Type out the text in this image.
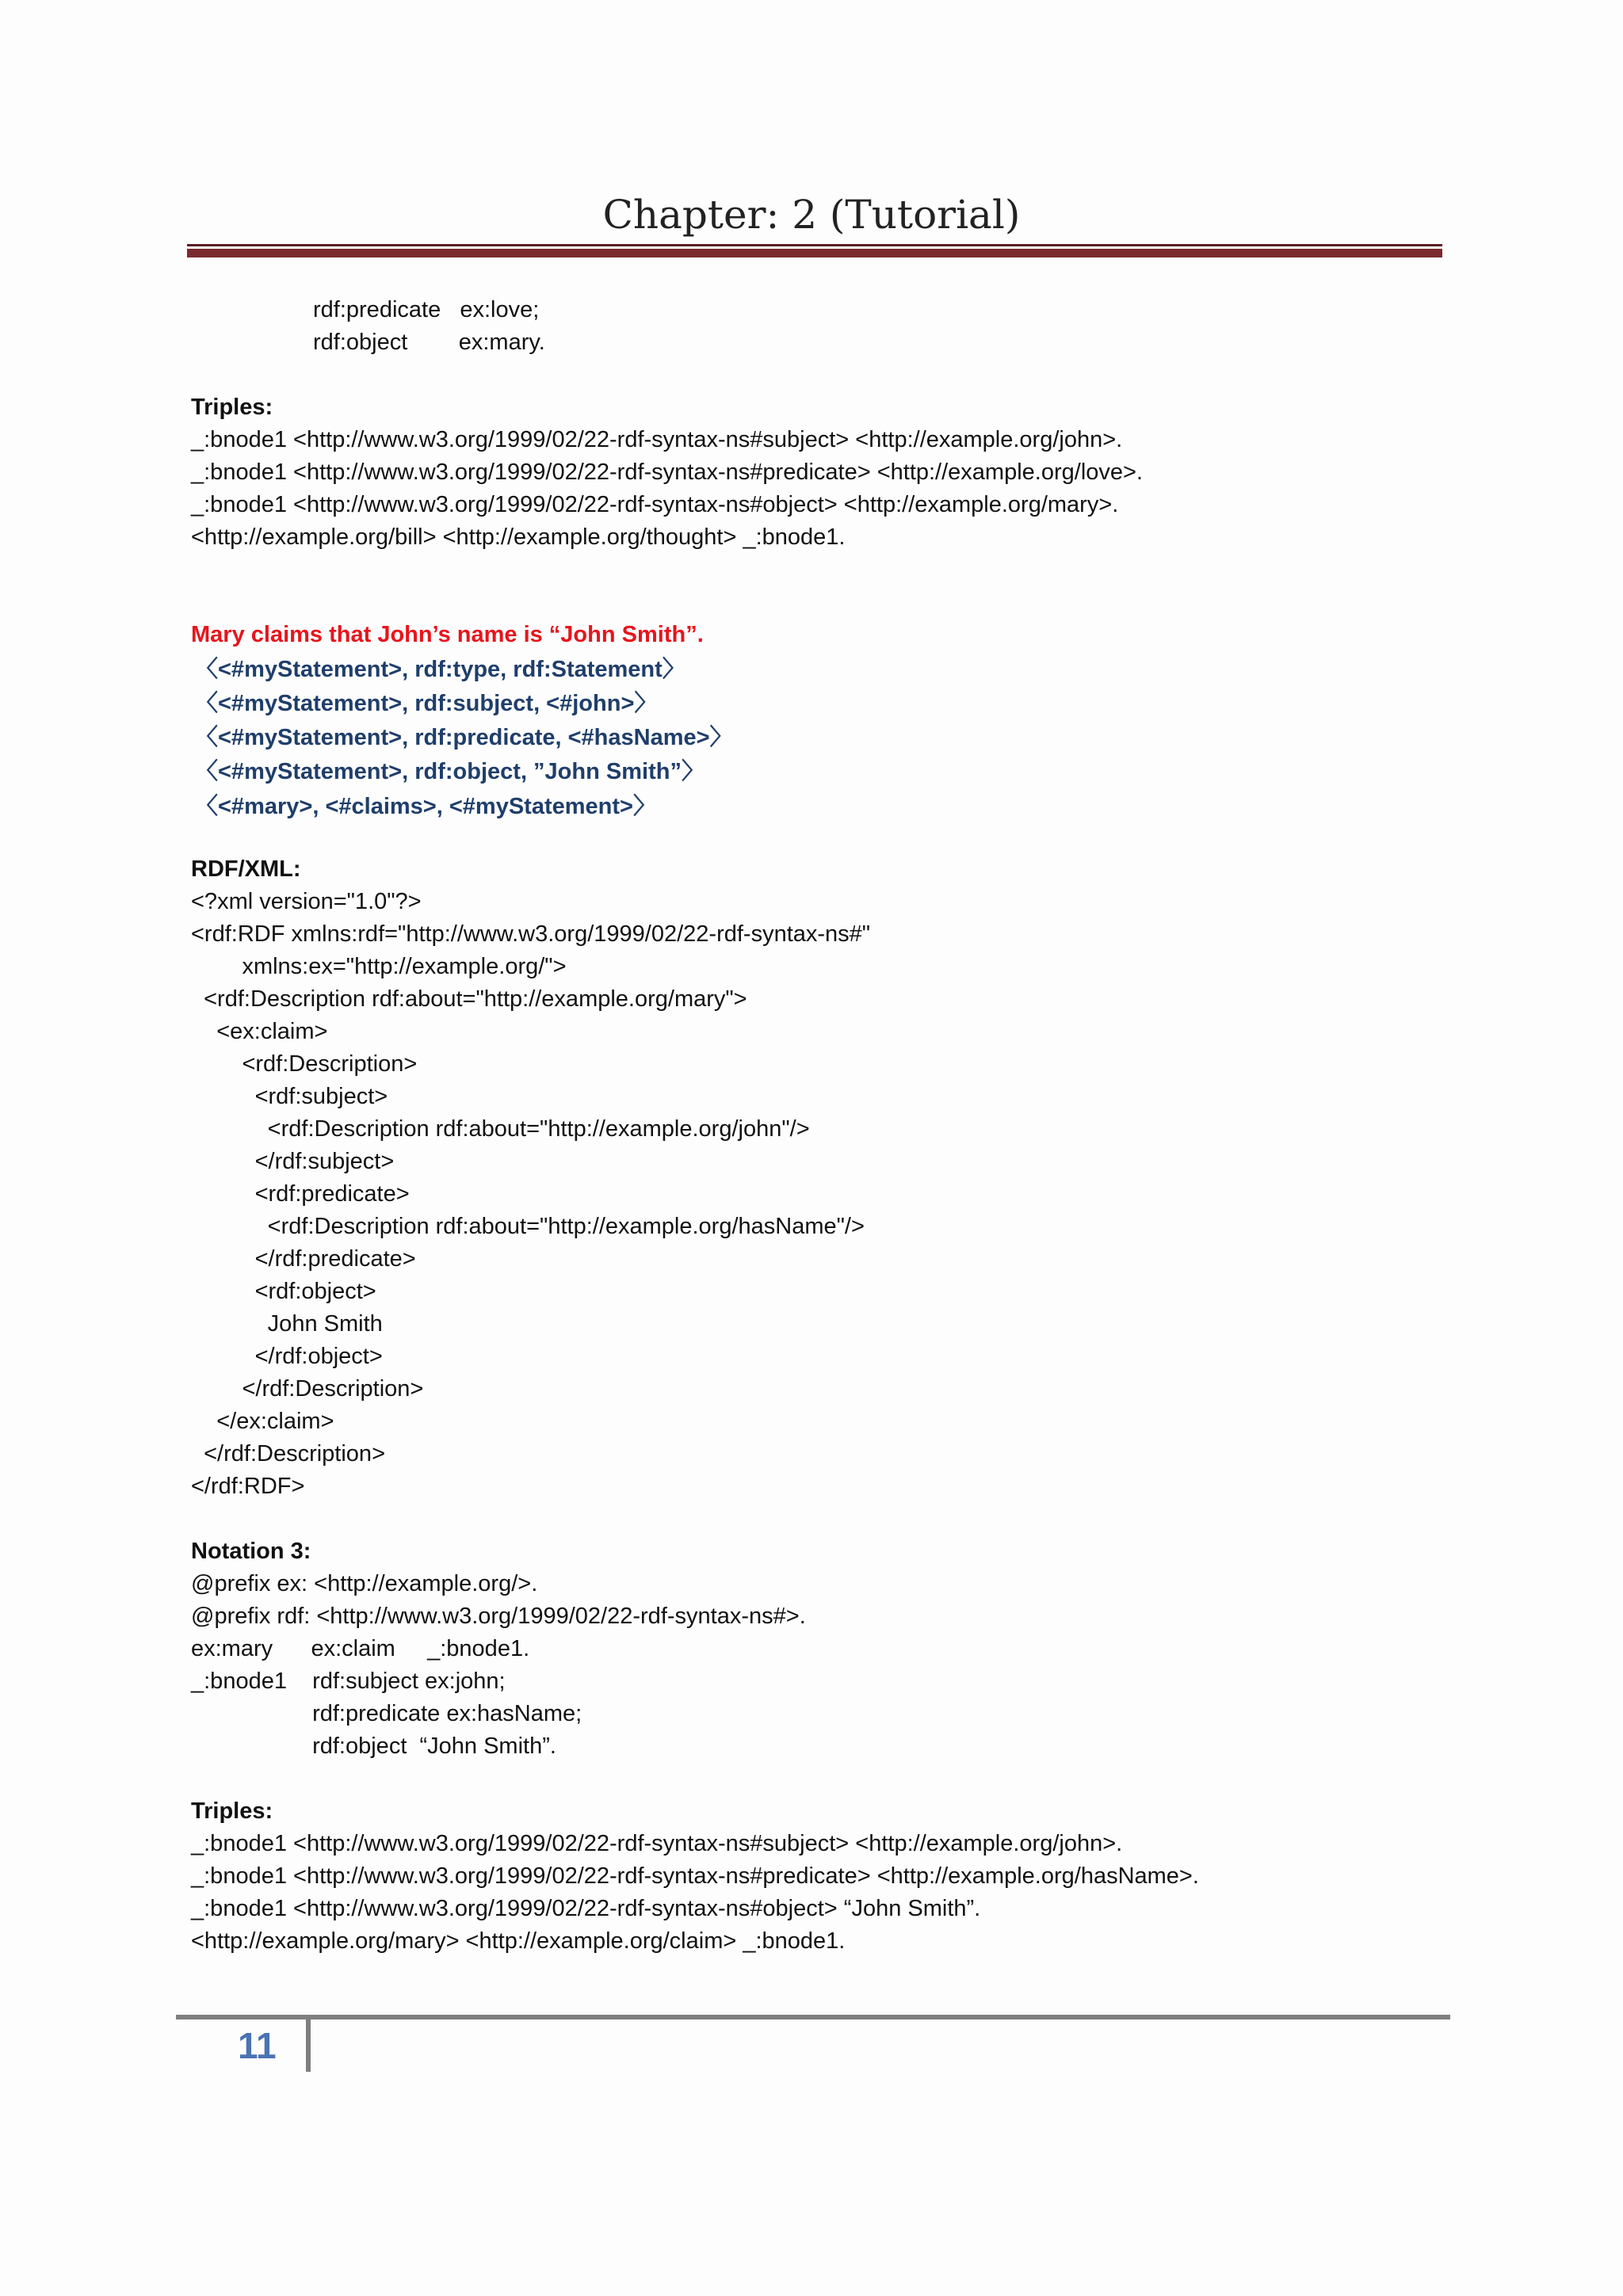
Chapter: 2 (Tutorial)
rdf:predicate   ex:love;
rdf:object        ex:mary.
Triples:
_:bnode1 <http://www.w3.org/1999/02/22-rdf-syntax-ns#subject> <http://example.org/john>.
_:bnode1 <http://www.w3.org/1999/02/22-rdf-syntax-ns#predicate> <http://example.org/love>.
_:bnode1 <http://www.w3.org/1999/02/22-rdf-syntax-ns#object> <http://example.org/mary>.
<http://example.org/bill> <http://example.org/thought> _:bnode1.
Mary claims that John’s name is “John Smith”.
〈<#myStatement>, rdf:type, rdf:Statement〉
〈<#myStatement>, rdf:subject, <#john>〉
〈<#myStatement>, rdf:predicate, <#hasName>〉
〈<#myStatement>, rdf:object, ”John Smith”〉
〈<#mary>, <#claims>, <#myStatement>〉
RDF/XML:
<?xml version="1.0"?>
<rdf:RDF xmlns:rdf="http://www.w3.org/1999/02/22-rdf-syntax-ns#"
xmlns:ex="http://example.org/">
<rdf:Description rdf:about="http://example.org/mary">
<ex:claim>
<rdf:Description>
<rdf:subject>
<rdf:Description rdf:about="http://example.org/john"/>
</rdf:subject>
<rdf:predicate>
<rdf:Description rdf:about="http://example.org/hasName"/>
</rdf:predicate>
<rdf:object>
John Smith
</rdf:object>
</rdf:Description>
</ex:claim>
</rdf:Description>
</rdf:RDF>
Notation 3:
@prefix ex: <http://example.org/>.
@prefix rdf: <http://www.w3.org/1999/02/22-rdf-syntax-ns#>.
ex:mary      ex:claim     _:bnode1.
_:bnode1    rdf:subject ex:john;
rdf:predicate ex:hasName;
rdf:object  “John Smith”.
Triples:
_:bnode1 <http://www.w3.org/1999/02/22-rdf-syntax-ns#subject> <http://example.org/john>.
_:bnode1 <http://www.w3.org/1999/02/22-rdf-syntax-ns#predicate> <http://example.org/hasName>.
_:bnode1 <http://www.w3.org/1999/02/22-rdf-syntax-ns#object> “John Smith”.
<http://example.org/mary> <http://example.org/claim> _:bnode1.
11
